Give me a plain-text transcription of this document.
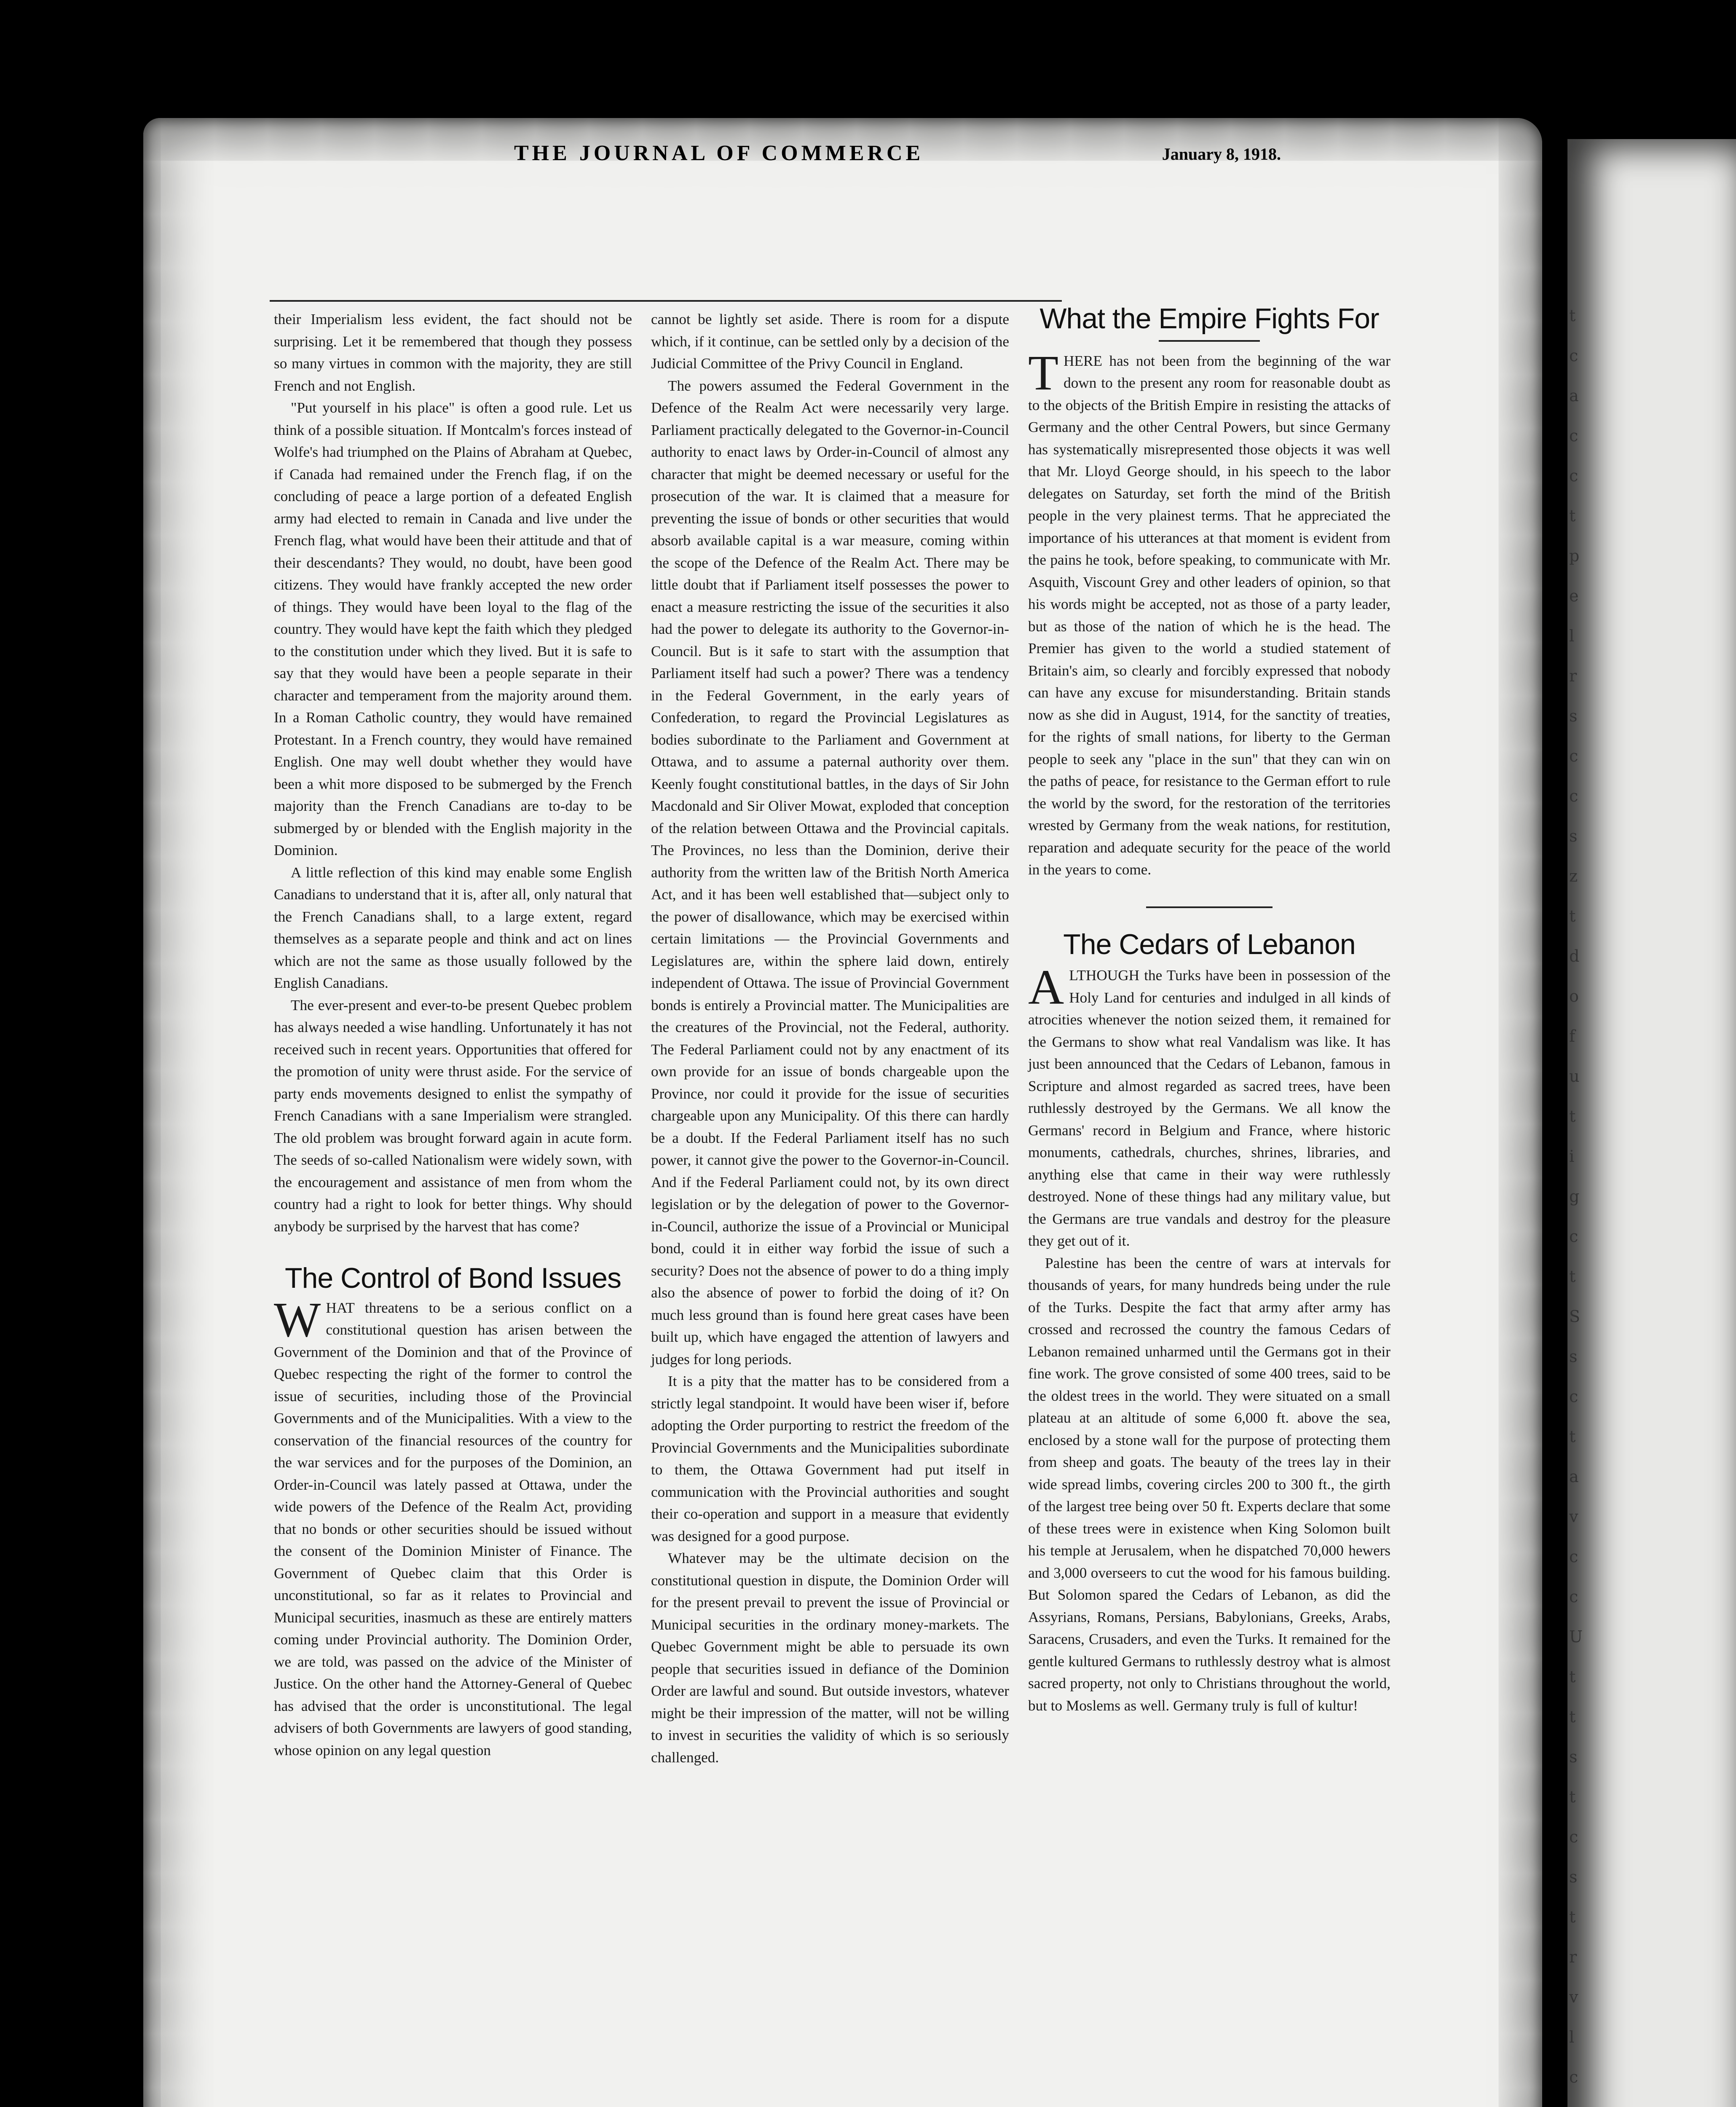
t
c
a
c
c
t
p
e
l
r
s
c
c
s
z
t
d
o
f
u
t
i
g
c
t
S
s
c
t
a
v
c
c
U
t
t
s
t
c
s
t
r
v
l
c
2	THE JOURNAL OF COMMERCE	January 8, 1918.

their Imperialism less evident, the fact should not be surprising. Let it be remembered that though they possess so many virtues in common with the majority, they are still French and not English.

"Put yourself in his place" is often a good rule. Let us think of a possible situation. If Montcalm's forces instead of Wolfe's had triumphed on the Plains of Abraham at Quebec, if Canada had remained under the French flag, if on the concluding of peace a large portion of a defeated English army had elected to remain in Canada and live under the French flag, what would have been their attitude and that of their descendants? They would, no doubt, have been good citizens. They would have frankly accepted the new order of things. They would have been loyal to the flag of the country. They would have kept the faith which they pledged to the constitution under which they lived. But it is safe to say that they would have been a people separate in their character and temperament from the majority around them. In a Roman Catholic country, they would have remained Protestant. In a French country, they would have remained English. One may well doubt whether they would have been a whit more disposed to be submerged by the French majority than the French Canadians are to-day to be submerged by or blended with the English majority in the Dominion.

A little reflection of this kind may enable some English Canadians to understand that it is, after all, only natural that the French Canadians shall, to a large extent, regard themselves as a separate people and think and act on lines which are not the same as those usually followed by the English Canadians.

The ever-present and ever-to-be present Quebec problem has always needed a wise handling. Unfortunately it has not received such in recent years. Opportunities that offered for the promotion of unity were thrust aside. For the service of party ends movements designed to enlist the sympathy of French Canadians with a sane Imperialism were strangled. The old problem was brought forward again in acute form. The seeds of so-called Nationalism were widely sown, with the encouragement and assistance of men from whom the country had a right to look for better things. Why should anybody be surprised by the harvest that has come?

The Control of Bond Issues

WHAT threatens to be a serious conflict on a constitutional question has arisen between the Government of the Dominion and that of the Province of Quebec respecting the right of the former to control the issue of securities, including those of the Provincial Governments and of the Municipalities. With a view to the conservation of the financial resources of the country for the war services and for the purposes of the Dominion, an Order-in-Council was lately passed at Ottawa, under the wide powers of the Defence of the Realm Act, providing that no bonds or other securities should be issued without the consent of the Dominion Minister of Finance. The Government of Quebec claim that this Order is unconstitutional, so far as it relates to Provincial and Municipal securities, inasmuch as these are entirely matters coming under Provincial authority. The Dominion Order, we are told, was passed on the advice of the Minister of Justice. On the other hand the Attorney-General of Quebec has advised that the order is unconstitutional. The legal advisers of both Governments are lawyers of good standing, whose opinion on any legal question

cannot be lightly set aside. There is room for a dispute which, if it continue, can be settled only by a decision of the Judicial Committee of the Privy Council in England.

The powers assumed the Federal Government in the Defence of the Realm Act were necessarily very large. Parliament practically delegated to the Governor-in-Council authority to enact laws by Order-in-Council of almost any character that might be deemed necessary or useful for the prosecution of the war. It is claimed that a measure for preventing the issue of bonds or other securities that would absorb available capital is a war measure, coming within the scope of the Defence of the Realm Act. There may be little doubt that if Parliament itself possesses the power to enact a measure restricting the issue of the securities it also had the power to delegate its authority to the Governor-in-Council. But is it safe to start with the assumption that Parliament itself had such a power? There was a tendency in the Federal Government, in the early years of Confederation, to regard the Provincial Legislatures as bodies subordinate to the Parliament and Government at Ottawa, and to assume a paternal authority over them. Keenly fought constitutional battles, in the days of Sir John Macdonald and Sir Oliver Mowat, exploded that conception of the relation between Ottawa and the Provincial capitals. The Provinces, no less than the Dominion, derive their authority from the written law of the British North America Act, and it has been well established that—subject only to the power of disallowance, which may be exercised within certain limitations — the Provincial Governments and Legislatures are, within the sphere laid down, entirely independent of Ottawa. The issue of Provincial Government bonds is entirely a Provincial matter. The Municipalities are the creatures of the Provincial, not the Federal, authority. The Federal Parliament could not by any enactment of its own provide for an issue of bonds chargeable upon the Province, nor could it provide for the issue of securities chargeable upon any Municipality. Of this there can hardly be a doubt. If the Federal Parliament itself has no such power, it cannot give the power to the Governor-in-Council. And if the Federal Parliament could not, by its own direct legislation or by the delegation of power to the Governor-in-Council, authorize the issue of a Provincial or Municipal bond, could it in either way forbid the issue of such a security? Does not the absence of power to do a thing imply also the absence of power to forbid the doing of it? On much less ground than is found here great cases have been built up, which have engaged the attention of lawyers and judges for long periods.

It is a pity that the matter has to be considered from a strictly legal standpoint. It would have been wiser if, before adopting the Order purporting to restrict the freedom of the Provincial Governments and the Municipalities subordinate to them, the Ottawa Government had put itself in communication with the Provincial authorities and sought their co-operation and support in a measure that evidently was designed for a good purpose.

Whatever may be the ultimate decision on the constitutional question in dispute, the Dominion Order will for the present prevail to prevent the issue of Provincial or Municipal securities in the ordinary money-markets. The Quebec Government might be able to persuade its own people that securities issued in defiance of the Dominion Order are lawful and sound. But outside investors, whatever might be their impression of the matter, will not be willing to invest in securities the validity of which is so seriously challenged.

What the Empire Fights For

THERE has not been from the beginning of the war down to the present any room for reasonable doubt as to the objects of the British Empire in resisting the attacks of Germany and the other Central Powers, but since Germany has systematically misrepresented those objects it was well that Mr. Lloyd George should, in his speech to the labor delegates on Saturday, set forth the mind of the British people in the very plainest terms. That he appreciated the importance of his utterances at that moment is evident from the pains he took, before speaking, to communicate with Mr. Asquith, Viscount Grey and other leaders of opinion, so that his words might be accepted, not as those of a party leader, but as those of the nation of which he is the head. The Premier has given to the world a studied statement of Britain's aim, so clearly and forcibly expressed that nobody can have any excuse for misunderstanding. Britain stands now as she did in August, 1914, for the sanctity of treaties, for the rights of small nations, for liberty to the German people to seek any "place in the sun" that they can win on the paths of peace, for resistance to the German effort to rule the world by the sword, for the restoration of the territories wrested by Germany from the weak nations, for restitution, reparation and adequate security for the peace of the world in the years to come.

The Cedars of Lebanon

ALTHOUGH the Turks have been in possession of the Holy Land for centuries and indulged in all kinds of atrocities whenever the notion seized them, it remained for the Germans to show what real Vandalism was like. It has just been announced that the Cedars of Lebanon, famous in Scripture and almost regarded as sacred trees, have been ruthlessly destroyed by the Germans. We all know the Germans' record in Belgium and France, where historic monuments, cathedrals, churches, shrines, libraries, and anything else that came in their way were ruthlessly destroyed. None of these things had any military value, but the Germans are true vandals and destroy for the pleasure they get out of it.

Palestine has been the centre of wars at intervals for thousands of years, for many hundreds being under the rule of the Turks. Despite the fact that army after army has crossed and recrossed the country the famous Cedars of Lebanon remained unharmed until the Germans got in their fine work. The grove consisted of some 400 trees, said to be the oldest trees in the world. They were situated on a small plateau at an altitude of some 6,000 ft. above the sea, enclosed by a stone wall for the purpose of protecting them from sheep and goats. The beauty of the trees lay in their wide spread limbs, covering circles 200 to 300 ft., the girth of the largest tree being over 50 ft. Experts declare that some of these trees were in existence when King Solomon built his temple at Jerusalem, when he dispatched 70,000 hewers and 3,000 overseers to cut the wood for his famous building. But Solomon spared the Cedars of Lebanon, as did the Assyrians, Romans, Persians, Babylonians, Greeks, Arabs, Saracens, Crusaders, and even the Turks. It remained for the gentle kultured Germans to ruthlessly destroy what is almost sacred property, not only to Christians throughout the world, but to Moslems as well. Germany truly is full of kultur!
